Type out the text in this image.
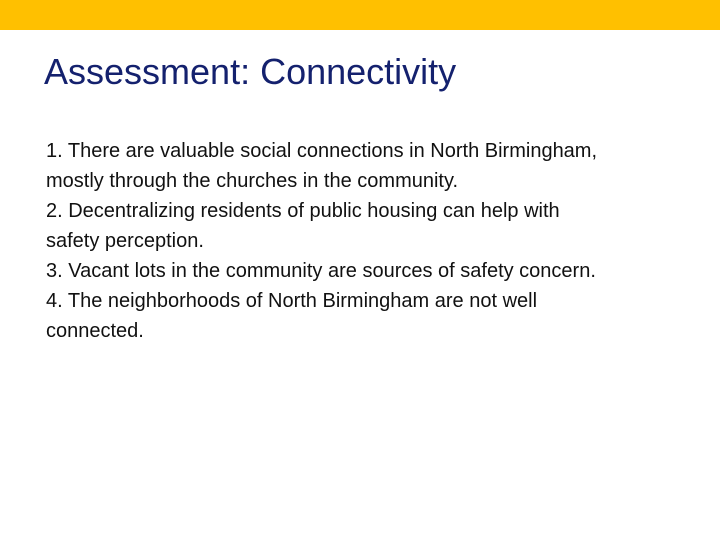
Assessment: Connectivity
1. There are valuable social connections in North Birmingham,
mostly through the churches in the community.
2. Decentralizing residents of public housing can help with
safety perception.
3. Vacant lots in the community are sources of safety concern.
4. The neighborhoods of North Birmingham are not well
connected.
